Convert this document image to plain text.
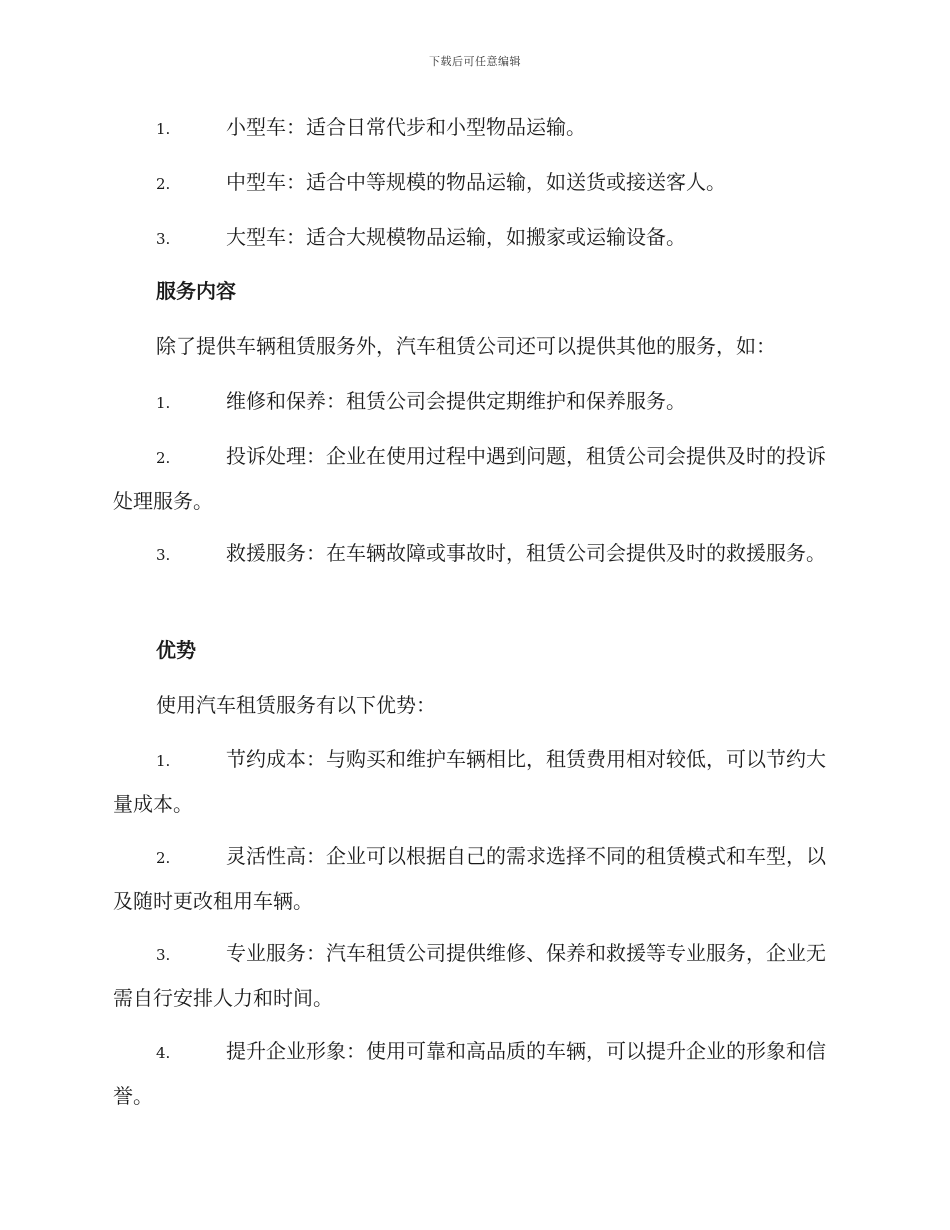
下载后可任意编辑
1.	小型车：适合日常代步和小型物品运输。
2.	中型车：适合中等规模的物品运输，如送货或接送客人。
3.	大型车：适合大规模物品运输，如搬家或运输设备。
服务内容
除了提供车辆租赁服务外，汽车租赁公司还可以提供其他的服务，如：
1.	维修和保养：租赁公司会提供定期维护和保养服务。
2.	投诉处理：企业在使用过程中遇到问题，租赁公司会提供及时的投诉处理服务。
3.	救援服务：在车辆故障或事故时，租赁公司会提供及时的救援服务。
优势
使用汽车租赁服务有以下优势：
1.	节约成本：与购买和维护车辆相比，租赁费用相对较低，可以节约大量成本。
2.	灵活性高：企业可以根据自己的需求选择不同的租赁模式和车型，以及随时更改租用车辆。
3.	专业服务：汽车租赁公司提供维修、保养和救援等专业服务，企业无需自行安排人力和时间。
4.	提升企业形象：使用可靠和高品质的车辆，可以提升企业的形象和信誉。
